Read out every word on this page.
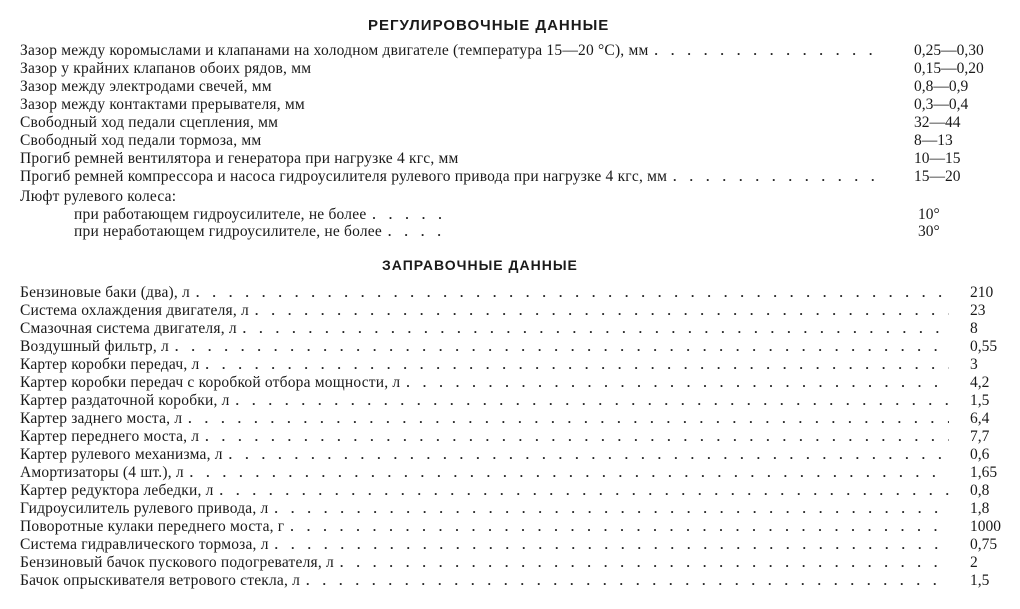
РЕГУЛИРОВОЧНЫЕ ДАННЫЕ
Зазор между коромыслами и клапанами на холодном двигателе (температура 15—20 °С), мм . . .	0,25—0,30
Зазор у крайних клапанов обоих рядов, мм	0,15—0,20
Зазор между электродами свечей, мм	0,8—0,9
Зазор между контактами прерывателя, мм	0,3—0,4
Свободный ход педали сцепления, мм	32—44
Свободный ход педали тормоза, мм	8—13
Прогиб ремней вентилятора и генератора при нагрузке 4 кгс, мм	10—15
Прогиб ремней компрессора и насоса гидроусилителя рулевого привода при нагрузке 4 кгс, мм . . .	15—20
Люфт рулевого колеса:
при работающем гидроусилителе, не более . . .	10°
при неработающем гидроусилителе, не более . . .	30°
ЗАПРАВОЧНЫЕ ДАННЫЕ
Бензиновые баки (два), л . . .	210
Система охлаждения двигателя, л . . .	23
Смазочная система двигателя, л . . .	8
Воздушный фильтр, л . . .	0,55
Картер коробки передач, л . . .	3
Картер коробки передач с коробкой отбора мощности, л . . .	4,2
Картер раздаточной коробки, л . . .	1,5
Картер заднего моста, л . . .	6,4
Картер переднего моста, л . . .	7,7
Картер рулевого механизма, л . . .	0,6
Амортизаторы (4 шт.), л . . .	1,65
Картер редуктора лебедки, л . . .	0,8
Гидроусилитель рулевого привода, л . . .	1,8
Поворотные кулаки переднего моста, г . . .	1000
Система гидравлического тормоза, л . . .	0,75
Бензиновый бачок пускового подогревателя, л . . .	2
Бачок опрыскивателя ветрового стекла, л . . .	1,5
